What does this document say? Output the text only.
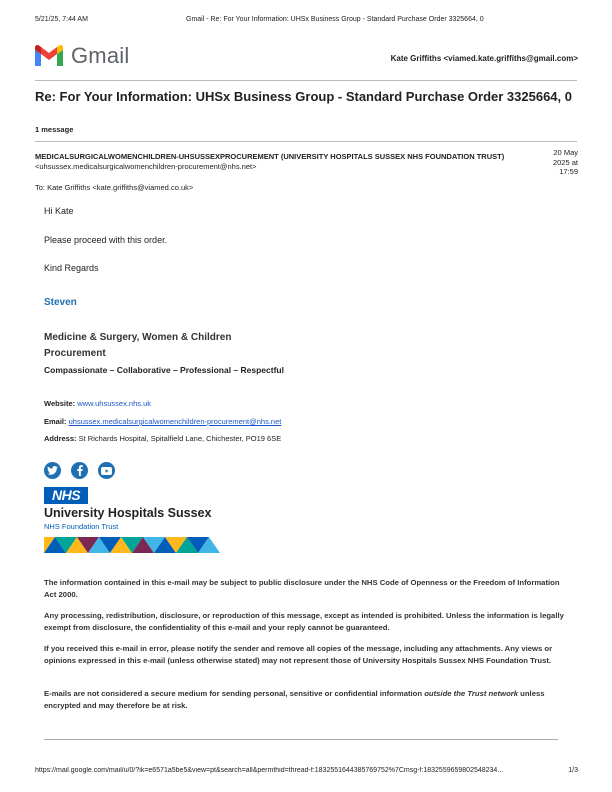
5/21/25, 7:44 AM	Gmail - Re: For Your Information: UHSx Business Group - Standard Purchase Order 3325664, 0
Gmail	Kate Griffiths <viamed.kate.griffiths@gmail.com>
Re: For Your Information: UHSx Business Group - Standard Purchase Order 3325664, 0
1 message
MEDICALSURGICALWOMENCHILDREN-UHSUSSEXPROCUREMENT (UNIVERSITY HOSPITALS SUSSEX NHS FOUNDATION TRUST) <uhsussex.medicalsurgicalwomenchildren-procurement@nhs.net>
20 May
2025 at
17:59
To: Kate Griffiths <kate.griffiths@viamed.co.uk>
Hi Kate
Please proceed with this order.
Kind Regards
Steven
Medicine & Surgery, Women & Children
Procurement
Compassionate – Collaborative – Professional – Respectful
Website: www.uhsussex.nhs.uk
Email: uhsussex.medicalsurgicalwomenchildren-procurement@nhs.net
Address: St Richards Hospital, Spitalfield Lane, Chichester, PO19 6SE
NHS
University Hospitals Sussex
NHS Foundation Trust
The information contained in this e-mail may be subject to public disclosure under the NHS Code of Openness or the Freedom of Information Act 2000.
Any processing, redistribution, disclosure, or reproduction of this message, except as intended is prohibited. Unless the information is legally exempt from disclosure, the confidentiality of this e-mail and your reply cannot be guaranteed.
If you received this e-mail in error, please notify the sender and remove all copies of the message, including any attachments. Any views or opinions expressed in this e-mail (unless otherwise stated) may not represent those of University Hospitals Sussex NHS Foundation Trust.
E-mails are not considered a secure medium for sending personal, sensitive or confidential information outside the Trust network unless encrypted and may therefore be at risk.
https://mail.google.com/mail/u/0/?ik=e6571a5be5&view=pt&search=all&permthid=thread-f:1832551644385769752%7Cmsg-f:1832559659802548234...	1/3
